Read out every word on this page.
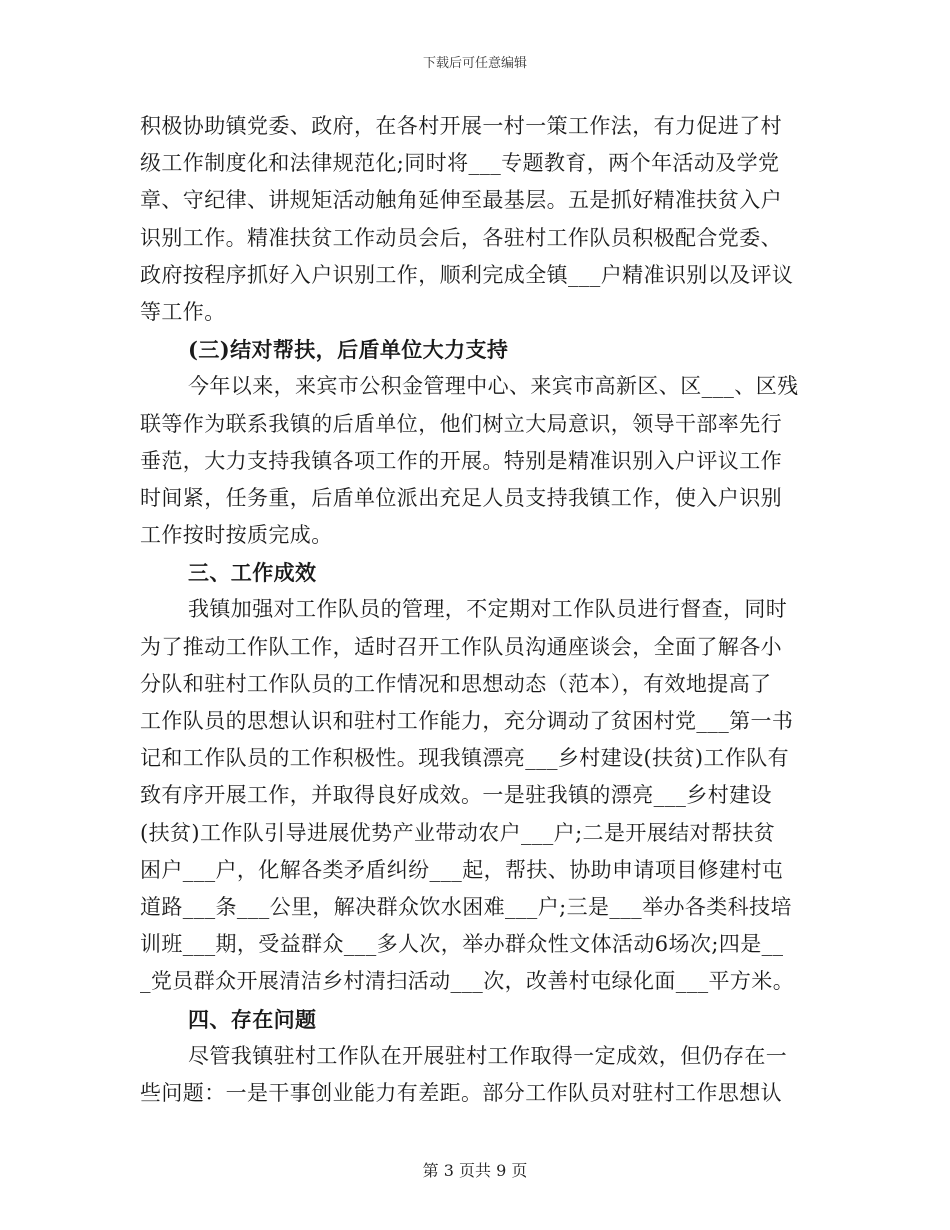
下载后可任意编辑
积极协助镇党委、政府，在各村开展一村一策工作法，有力促进了村
级工作制度化和法律规范化;同时将___专题教育，两个年活动及学党
章、守纪律、讲规矩活动触角延伸至最基层。五是抓好精准扶贫入户
识别工作。精准扶贫工作动员会后，各驻村工作队员积极配合党委、
政府按程序抓好入户识别工作，顺利完成全镇___户精准识别以及评议
等工作。
(三)结对帮扶，后盾单位大力支持
今年以来，来宾市公积金管理中心、来宾市高新区、区___、区残
联等作为联系我镇的后盾单位，他们树立大局意识，领导干部率先行
垂范，大力支持我镇各项工作的开展。特别是精准识别入户评议工作
时间紧，任务重，后盾单位派出充足人员支持我镇工作，使入户识别
工作按时按质完成。
三、工作成效
我镇加强对工作队员的管理，不定期对工作队员进行督查，同时
为了推动工作队工作，适时召开工作队员沟通座谈会，全面了解各小
分队和驻村工作队员的工作情况和思想动态（范本），有效地提高了
工作队员的思想认识和驻村工作能力，充分调动了贫困村党___第一书
记和工作队员的工作积极性。现我镇漂亮___乡村建设(扶贫)工作队有
致有序开展工作，并取得良好成效。一是驻我镇的漂亮___乡村建设
(扶贫)工作队引导进展优势产业带动农户___户;二是开展结对帮扶贫
困户___户，化解各类矛盾纠纷___起，帮扶、协助申请项目修建村屯
道路___条___公里，解决群众饮水困难___户;三是___举办各类科技培
训班___期，受益群众___多人次，举办群众性文体活动6场次;四是__
_党员群众开展清洁乡村清扫活动___次，改善村屯绿化面___平方米。
四、存在问题
尽管我镇驻村工作队在开展驻村工作取得一定成效，但仍存在一
些问题：一是干事创业能力有差距。部分工作队员对驻村工作思想认
第 3 页共 9 页
